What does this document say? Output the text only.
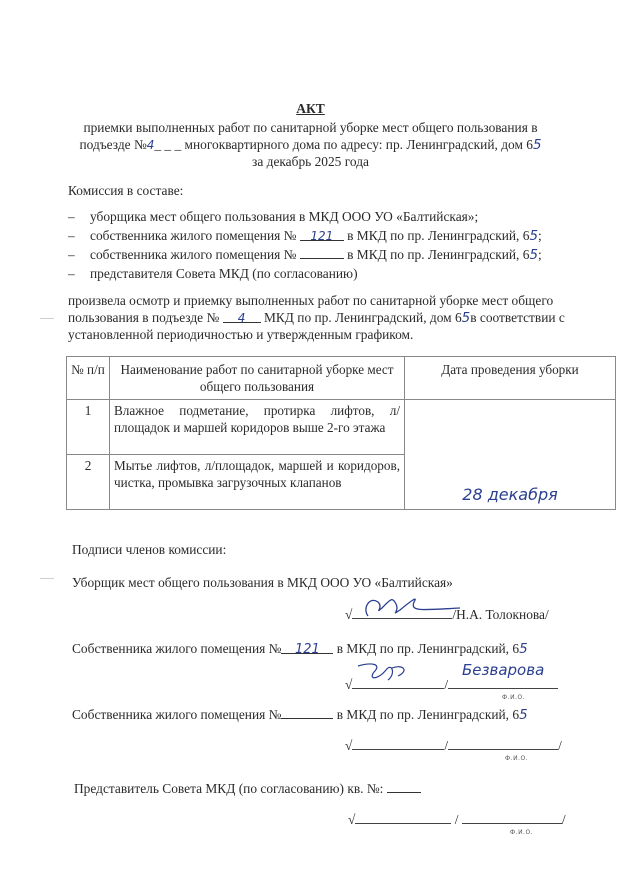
АКТ
приемки выполненных работ по санитарной уборке мест общего пользования в
подъезде №4_ _ _ многоквартирного дома по адресу: пр. Ленинградский, дом 65
за декабрь 2025 года
Комиссия в составе:
– уборщика мест общего пользования в МКД ООО УО «Балтийская»;
– собственника жилого помещения № 121 в МКД по пр. Ленинградский, 65;
– собственника жилого помещения №	в МКД по пр. Ленинградский, 65;
– представителя Совета МКД (по согласованию)
произвела осмотр и приемку выполненных работ по санитарной уборке мест общего
пользования в подъезде № 4 МКД по пр. Ленинградский, дом 65в соответствии с
установленной периодичностью и утвержденным графиком.
№ п/п	Наименование работ по санитарной уборке мест общего пользования	Дата проведения уборки
1	Влажное подметание, протирка лифтов, л/площадок и маршей коридоров выше 2-го этажа	28 декабря
2	Мытье лифтов, л/площадок, маршей и коридоров, чистка, промывка загрузочных клапанов	
Подписи членов комиссии:
Уборщик мест общего пользования в МКД ООО УО «Балтийская»
√	/Н.А. Толокнова/
Собственника жилого помещения № 121 в МКД по пр. Ленинградский, 65
Безварова
√	/
Ф.И.О.
Собственника жилого помещения №	в МКД по пр. Ленинградский, 65
√	/	/
Ф.И.О.
Представитель Совета МКД (по согласованию) кв. №:
√	/	/
Ф.И.О.
